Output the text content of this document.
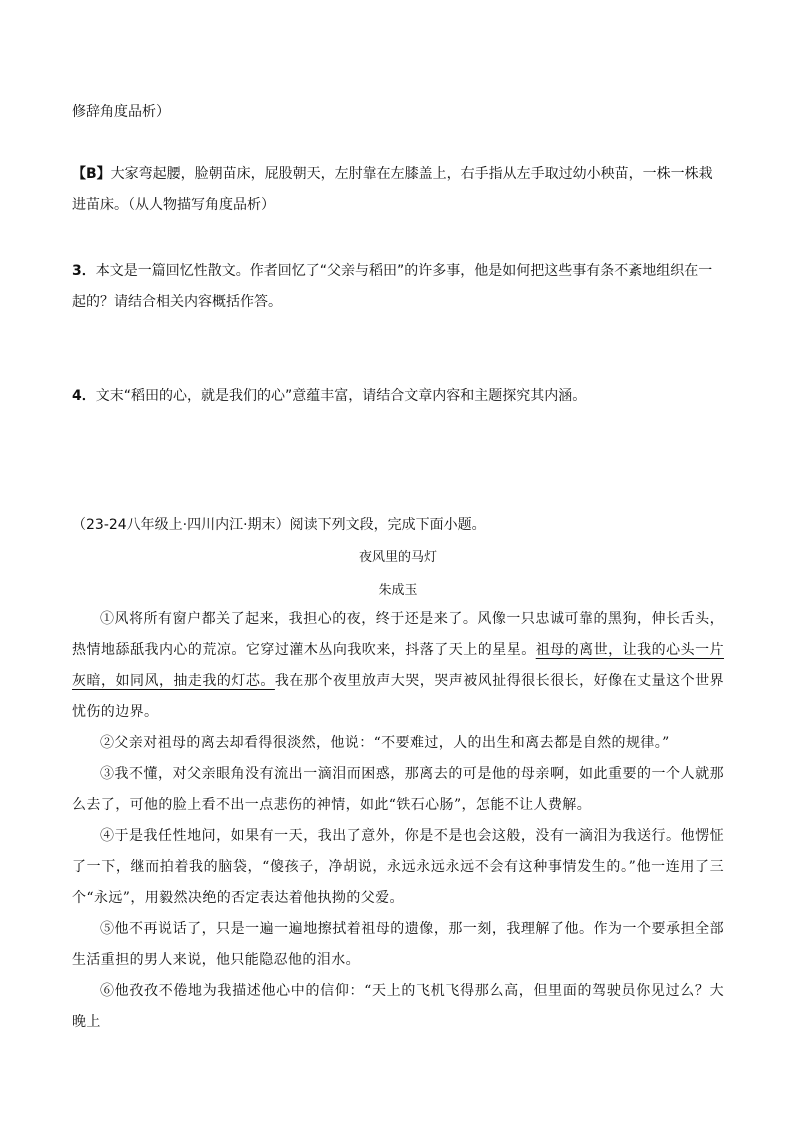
修辞角度品析）

【B】大家弯起腰，脸朝苗床，屁股朝天，左肘靠在左膝盖上，右手指从左手取过幼小秧苗，一株一株栽进苗床。（从人物描写角度品析）

3．本文是一篇回忆性散文。作者回忆了“父亲与稻田”的许多事，他是如何把这些事有条不紊地组织在一起的？请结合相关内容概括作答。

4．文末“稻田的心，就是我们的心”意蕴丰富，请结合文章内容和主题探究其内涵。

（23-24八年级上·四川内江·期末）阅读下列文段，完成下面小题。

夜风里的马灯
朱成玉

①风将所有窗户都关了起来，我担心的夜，终于还是来了。风像一只忠诚可靠的黑狗，伸长舌头，热情地舔舐我内心的荒凉。它穿过灌木丛向我吹来，抖落了天上的星星。祖母的离世，让我的心头一片灰暗，如同风，抽走我的灯芯。我在那个夜里放声大哭，哭声被风扯得很长很长，好像在丈量这个世界忧伤的边界。

②父亲对祖母的离去却看得很淡然，他说：“不要难过，人的出生和离去都是自然的规律。”

③我不懂，对父亲眼角没有流出一滴泪而困惑，那离去的可是他的母亲啊，如此重要的一个人就那么去了，可他的脸上看不出一点悲伤的神情，如此“铁石心肠”，怎能不让人费解。

④于是我任性地问，如果有一天，我出了意外，你是不是也会这般，没有一滴泪为我送行。他愣怔了一下，继而拍着我的脑袋，“傻孩子，净胡说，永远永远永远不会有这种事情发生的。”他一连用了三个“永远”，用毅然决绝的否定表达着他执拗的父爱。

⑤他不再说话了，只是一遍一遍地擦拭着祖母的遗像，那一刻，我理解了他。作为一个要承担全部生活重担的男人来说，他只能隐忍他的泪水。

⑥他孜孜不倦地为我描述他心中的信仰：“天上的飞机飞得那么高，但里面的驾驶员你见过么？大晚上
